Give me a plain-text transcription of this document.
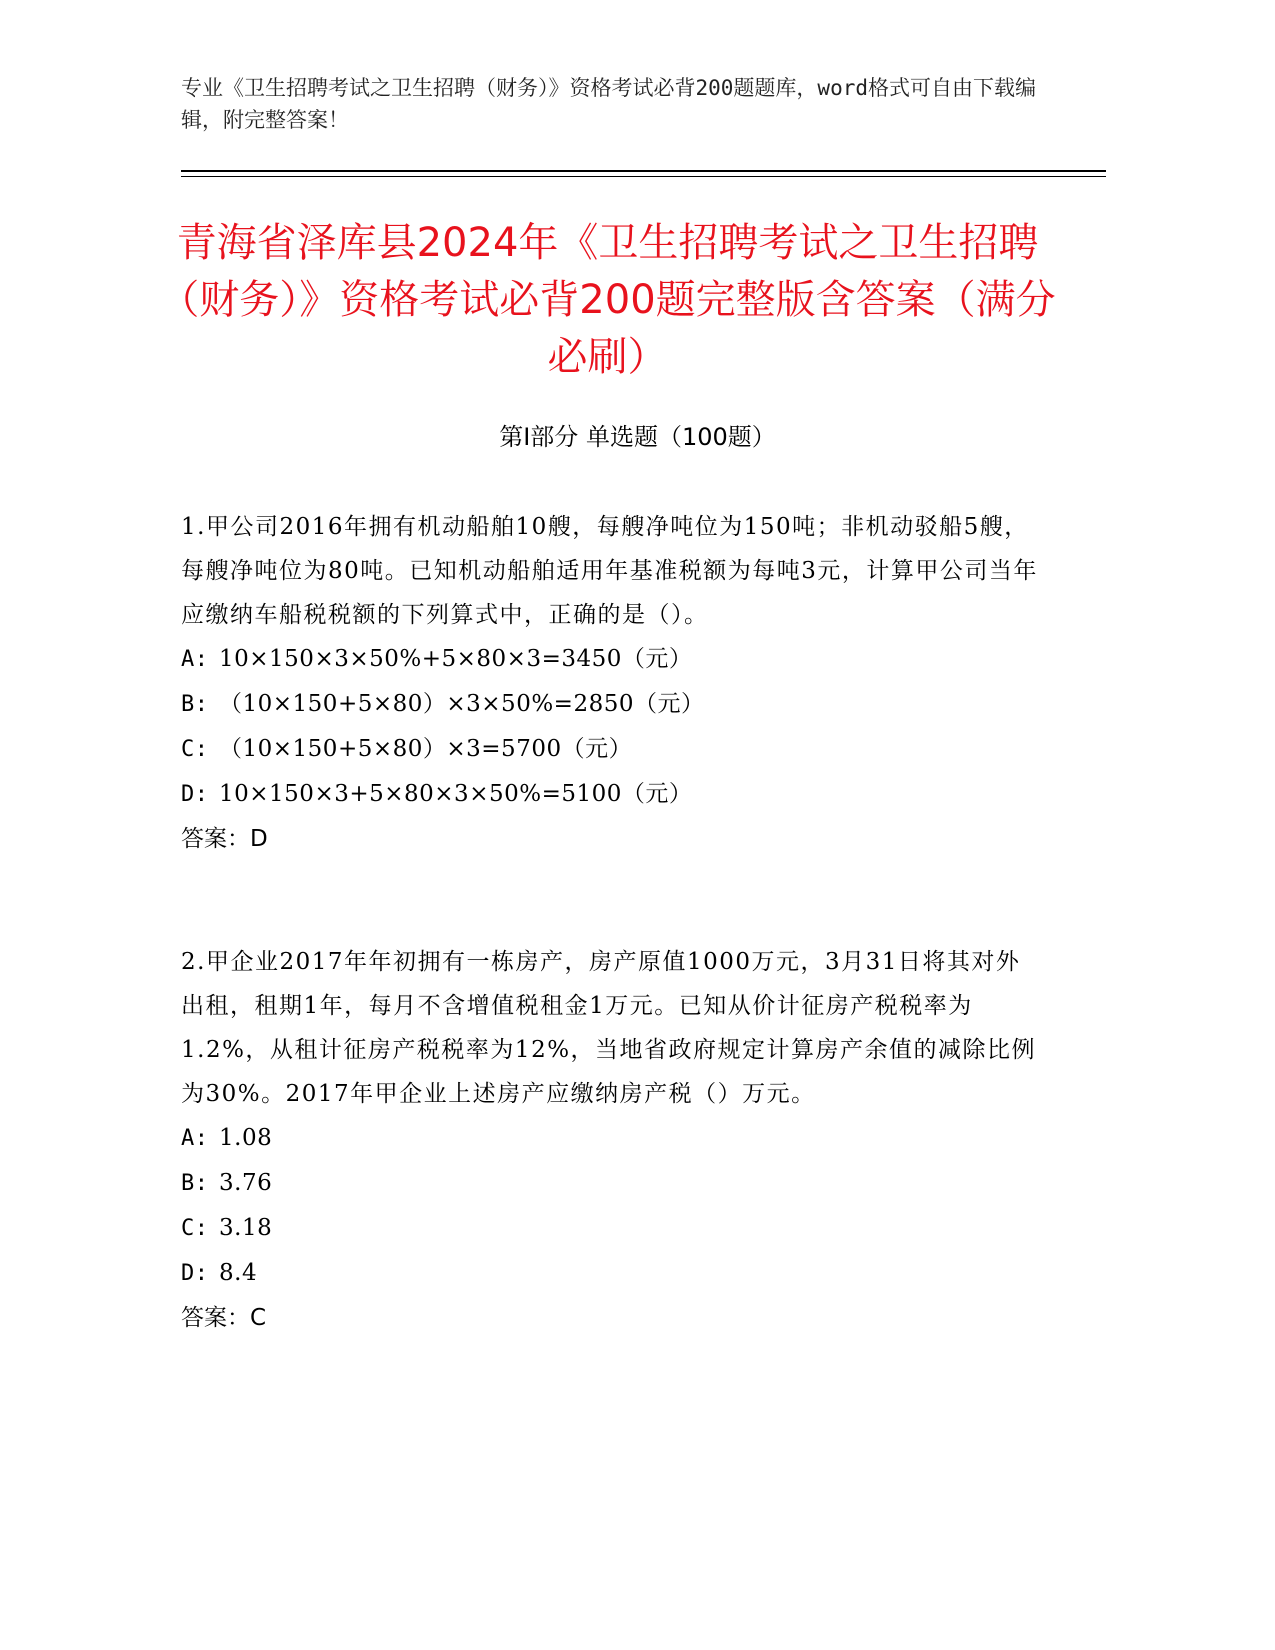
专业《卫生招聘考试之卫生招聘（财务）》资格考试必背200题题库，word格式可自由下载编辑，附完整答案！
青海省泽库县2024年《卫生招聘考试之卫生招聘（财务）》资格考试必背200题完整版含答案（满分必刷）
第I部分 单选题（100题）
1.甲公司2016年拥有机动船舶10艘，每艘净吨位为150吨；非机动驳船5艘，每艘净吨位为80吨。已知机动船舶适用年基准税额为每吨3元，计算甲公司当年应缴纳车船税税额的下列算式中，正确的是（）。
A: 10×150×3×50%+5×80×3=3450（元）
B: （10×150+5×80）×3×50%=2850（元）
C: （10×150+5×80）×3=5700（元）
D: 10×150×3+5×80×3×50%=5100（元）
答案：D
2.甲企业2017年年初拥有一栋房产，房产原值1000万元，3月31日将其对外出租，租期1年，每月不含增值税租金1万元。已知从价计征房产税税率为1.2%，从租计征房产税税率为12%，当地省政府规定计算房产余值的减除比例为30%。2017年甲企业上述房产应缴纳房产税（）万元。
A: 1.08
B: 3.76
C: 3.18
D: 8.4
答案：C
